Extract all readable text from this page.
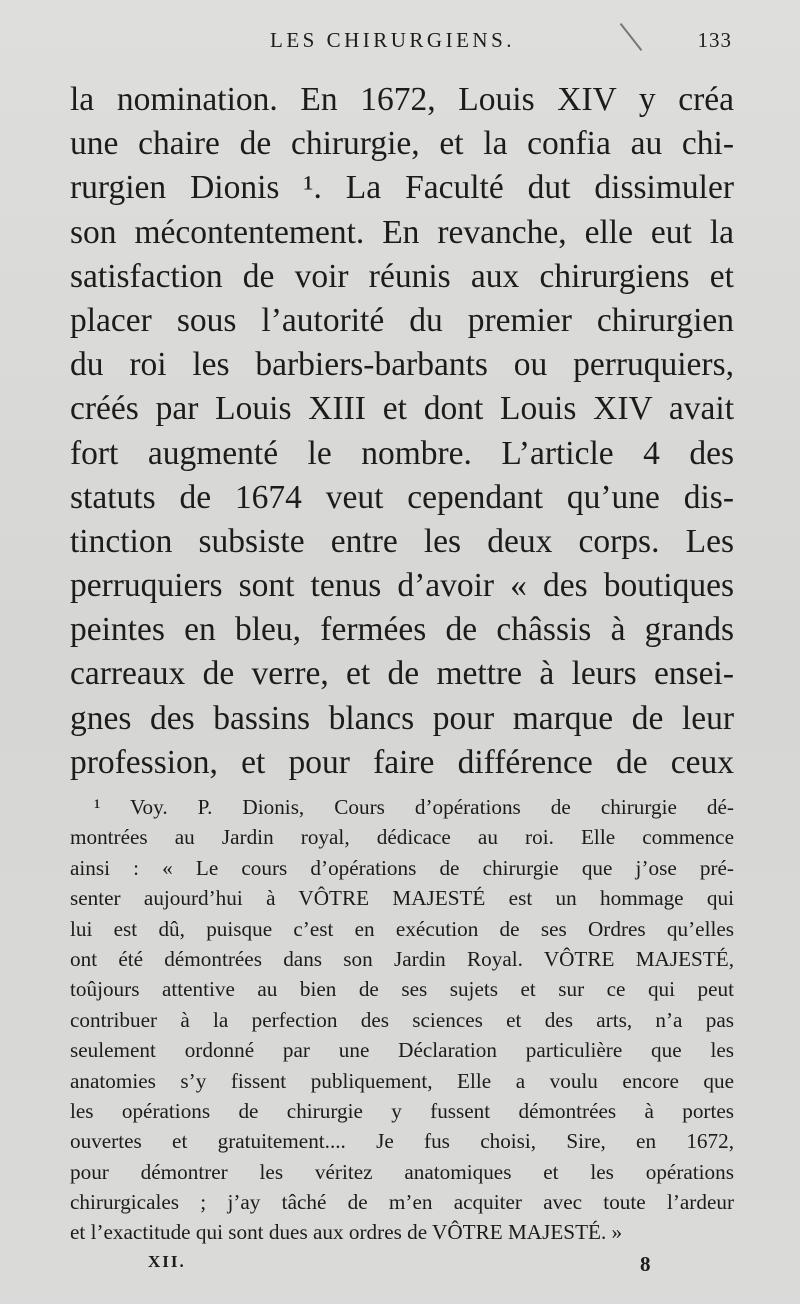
LES CHIRURGIENS.	133
la nomination. En 1672, Louis XIV y créa
une chaire de chirurgie, et la confia au chi-
rurgien Dionis ¹. La Faculté dut dissimuler
son mécontentement. En revanche, elle eut la
satisfaction de voir réunis aux chirurgiens et
placer sous l’autorité du premier chirurgien
du roi les barbiers-barbants ou perruquiers,
créés par Louis XIII et dont Louis XIV avait
fort augmenté le nombre. L’article 4 des
statuts de 1674 veut cependant qu’une dis-
tinction subsiste entre les deux corps. Les
perruquiers sont tenus d’avoir « des boutiques
peintes en bleu, fermées de châssis à grands
carreaux de verre, et de mettre à leurs ensei-
gnes des bassins blancs pour marque de leur
profession, et pour faire différence de ceux
¹ Voy. P. Dionis, Cours d’opérations de chirurgie dé-
montrées au Jardin royal, dédicace au roi. Elle commence
ainsi : « Le cours d’opérations de chirurgie que j’ose pré-
senter aujourd’hui à VÔTRE MAJESTÉ est un hommage qui
lui est dû, puisque c’est en exécution de ses Ordres qu’elles
ont été démontrées dans son Jardin Royal. VÔTRE MAJESTÉ,
toûjours attentive au bien de ses sujets et sur ce qui peut
contribuer à la perfection des sciences et des arts, n’a pas
seulement ordonné par une Déclaration particulière que les
anatomies s’y fissent publiquement, Elle a voulu encore que
les opérations de chirurgie y fussent démontrées à portes
ouvertes et gratuitement.... Je fus choisi, Sire, en 1672,
pour démontrer les véritez anatomiques et les opérations
chirurgicales ; j’ay tâché de m’en acquiter avec toute l’ardeur
et l’exactitude qui sont dues aux ordres de VÔTRE MAJESTÉ. »
XII.	8
